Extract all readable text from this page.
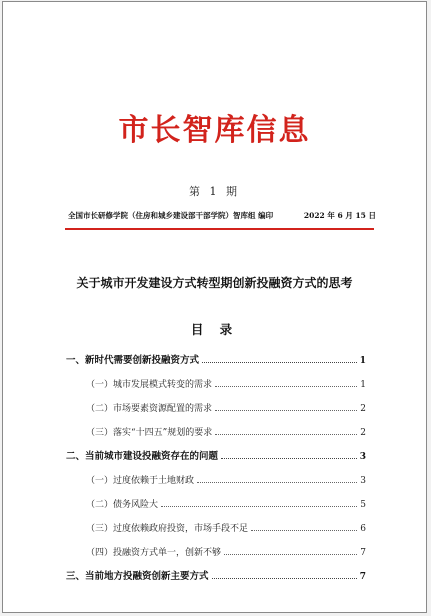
市长智库信息
第 1 期
全国市长研修学院（住房和城乡建设部干部学院）智库组 编印	2022 年 6 月 15 日
关于城市开发建设方式转型期创新投融资方式的思考
目 录
一、新时代需要创新投融资方式	1
（一）城市发展模式转变的需求	1
（二）市场要素资源配置的需求	2
（三）落实“十四五”规划的要求	2
二、当前城市建设投融资存在的问题	3
（一）过度依赖于土地财政	3
（二）债务风险大	5
（三）过度依赖政府投资，市场手段不足	6
（四）投融资方式单一，创新不够	7
三、当前地方投融资创新主要方式	7
